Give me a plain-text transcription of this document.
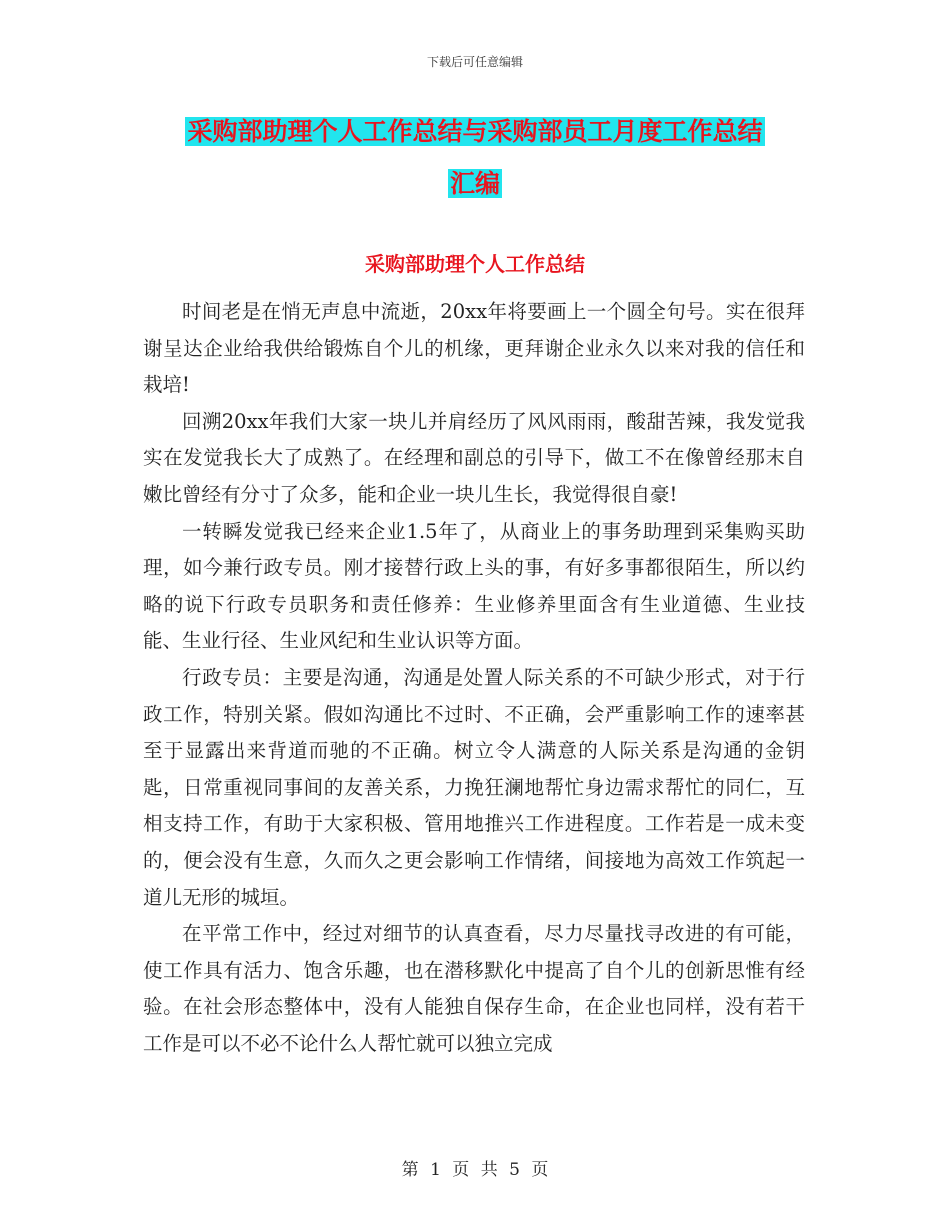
下载后可任意编辑
采购部助理个人工作总结与采购部员工月度工作总结
汇编
采购部助理个人工作总结

时间老是在悄无声息中流逝，20xx年将要画上一个圆全句号。实在很拜谢呈达企业给我供给锻炼自个儿的机缘，更拜谢企业永久以来对我的信任和栽培!

回溯20xx年我们大家一块儿并肩经历了风风雨雨，酸甜苦辣，我发觉我实在发觉我长大了成熟了。在经理和副总的引导下，做工不在像曾经那末自嫩比曾经有分寸了众多，能和企业一块儿生长，我觉得很自豪!

一转瞬发觉我已经来企业1.5年了，从商业上的事务助理到采集购买助理，如今兼行政专员。刚才接替行政上头的事，有好多事都很陌生，所以约略的说下行政专员职务和责任修养：生业修养里面含有生业道德、生业技能、生业行径、生业风纪和生业认识等方面。

行政专员：主要是沟通，沟通是处置人际关系的不可缺少形式，对于行政工作，特别关紧。假如沟通比不过时、不正确，会严重影响工作的速率甚至于显露出来背道而驰的不正确。树立令人满意的人际关系是沟通的金钥匙，日常重视同事间的友善关系，力挽狂澜地帮忙身边需求帮忙的同仁，互相支持工作，有助于大家积极、管用地推兴工作进程度。工作若是一成未变的，便会没有生意，久而久之更会影响工作情绪，间接地为高效工作筑起一道儿无形的城垣。

在平常工作中，经过对细节的认真查看，尽力尽量找寻改进的有可能，使工作具有活力、饱含乐趣，也在潜移默化中提高了自个儿的创新思惟有经验。在社会形态整体中，没有人能独自保存生命，在企业也同样，没有若干工作是可以不必不论什么人帮忙就可以独立完成

第 1 页 共 5 页
